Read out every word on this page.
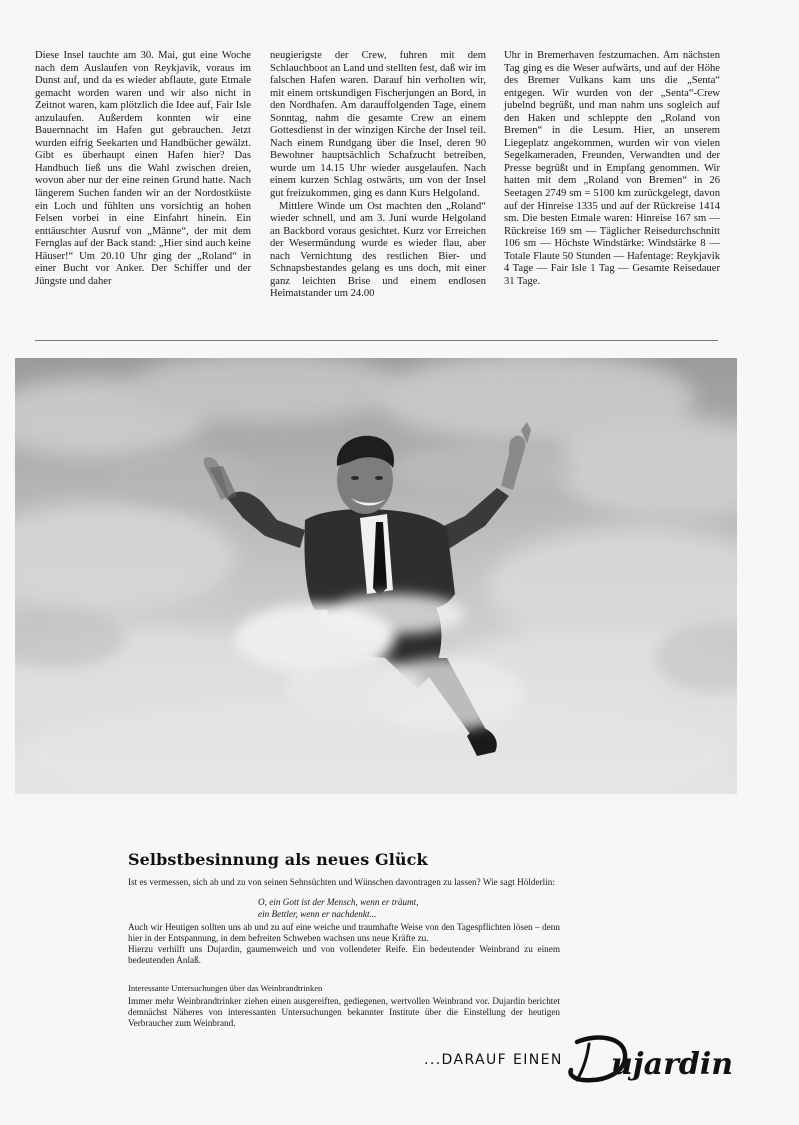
Diese Insel tauchte am 30. Mai, gut eine Woche nach dem Auslaufen von Reykjavik, voraus im Dunst auf, und da es wieder abflaute, gute Etmale gemacht worden waren und wir also nicht in Zeitnot waren, kam plötzlich die Idee auf, Fair Isle anzulaufen. Außerdem konnten wir eine Bauernnacht im Hafen gut gebrauchen. Jetzt wurden eifrig Seekarten und Handbücher gewälzt. Gibt es überhaupt einen Hafen hier? Das Handbuch ließ uns die Wahl zwischen dreien, wovon aber nur der eine reinen Grund hatte. Nach längerem Suchen fanden wir an der Nordostküste ein Loch und fühlten uns vorsichtig an hohen Felsen vorbei in eine Einfahrt hinein. Ein enttäuschter Ausruf von „Männe“, der mit dem Fernglas auf der Back stand: „Hier sind auch keine Häuser!“ Um 20.10 Uhr ging der „Roland“ in einer Bucht vor Anker. Der Schiffer und der Jüngste und daher

neugierigste der Crew, fuhren mit dem Schlauchboot an Land und stellten fest, daß wir im falschen Hafen waren. Darauf hin verholten wir, mit einem ortskundigen Fischerjungen an Bord, in den Nordhafen. Am darauffolgenden Tage, einem Sonntag, nahm die gesamte Crew an einem Gottesdienst in der winzigen Kirche der Insel teil. Nach einem Rundgang über die Insel, deren 90 Bewohner hauptsächlich Schafzucht betreiben, wurde um 14.15 Uhr wieder ausgelaufen. Nach einem kurzen Schlag ostwärts, um von der Insel gut freizukommen, ging es dann Kurs Helgoland.

Mittlere Winde um Ost machten den „Roland“ wieder schnell, und am 3. Juni wurde Helgoland an Backbord voraus gesichtet. Kurz vor Erreichen der Wesermündung wurde es wieder flau, aber nach Vernichtung des restlichen Bier- und Schnapsbestandes gelang es uns doch, mit einer ganz leichten Brise und einem endlosen Heimatstander um 24.00

Uhr in Bremerhaven festzumachen. Am nächsten Tag ging es die Weser aufwärts, und auf der Höhe des Bremer Vulkans kam uns die „Senta“ entgegen. Wir wurden von der „Senta“-Crew jubelnd begrüßt, und man nahm uns sogleich auf den Haken und schleppte den „Roland von Bremen“ in die Lesum. Hier, an unserem Liegeplatz angekommen, wurden wir von vielen Segelkameraden, Freunden, Verwandten und der Presse begrüßt und in Empfang genommen. Wir hatten mit dem „Roland von Bremen“ in 26 Seetagen 2749 sm = 5100 km zurückgelegt, davon auf der Hinreise 1335 und auf der Rückreise 1414 sm. Die besten Etmale waren: Hinreise 167 sm — Rückreise 169 sm — Täglicher Reisedurchschnitt 106 sm — Höchste Windstärke: Windstärke 8 — Totale Flaute 50 Stunden — Hafentage: Reykjavik 4 Tage — Fair Isle 1 Tag — Gesamte Reisedauer 31 Tage.

Selbstbesinnung als neues Glück

Ist es vermessen, sich ab und zu von seinen Sehnsüchten und Wünschen davontragen zu lassen? Wie sagt Hölderlin:

O, ein Gott ist der Mensch, wenn er träumt,
ein Bettler, wenn er nachdenkt...

Auch wir Heutigen sollten uns ab und zu auf eine weiche und traumhafte Weise von den Tagespflichten lösen – denn hier in der Entspannung, in dem befreiten Schweben wachsen uns neue Kräfte zu.

Hierzu verhilft uns Dujardin, gaumenweich und von vollendeter Reife. Ein bedeutender Weinbrand zu einem bedeutenden Anlaß.

Interessante Untersuchungen über das Weinbrandtrinken

Immer mehr Weinbrandtrinker ziehen einen ausgereiften, gediegenen, wertvollen Weinbrand vor. Dujardin berichtet demnächst Näheres von interessanten Untersuchungen bekannter Institute über die Einstellung der heutigen Verbraucher zum Weinbrand.

...DARAUF EINEN ujardin
